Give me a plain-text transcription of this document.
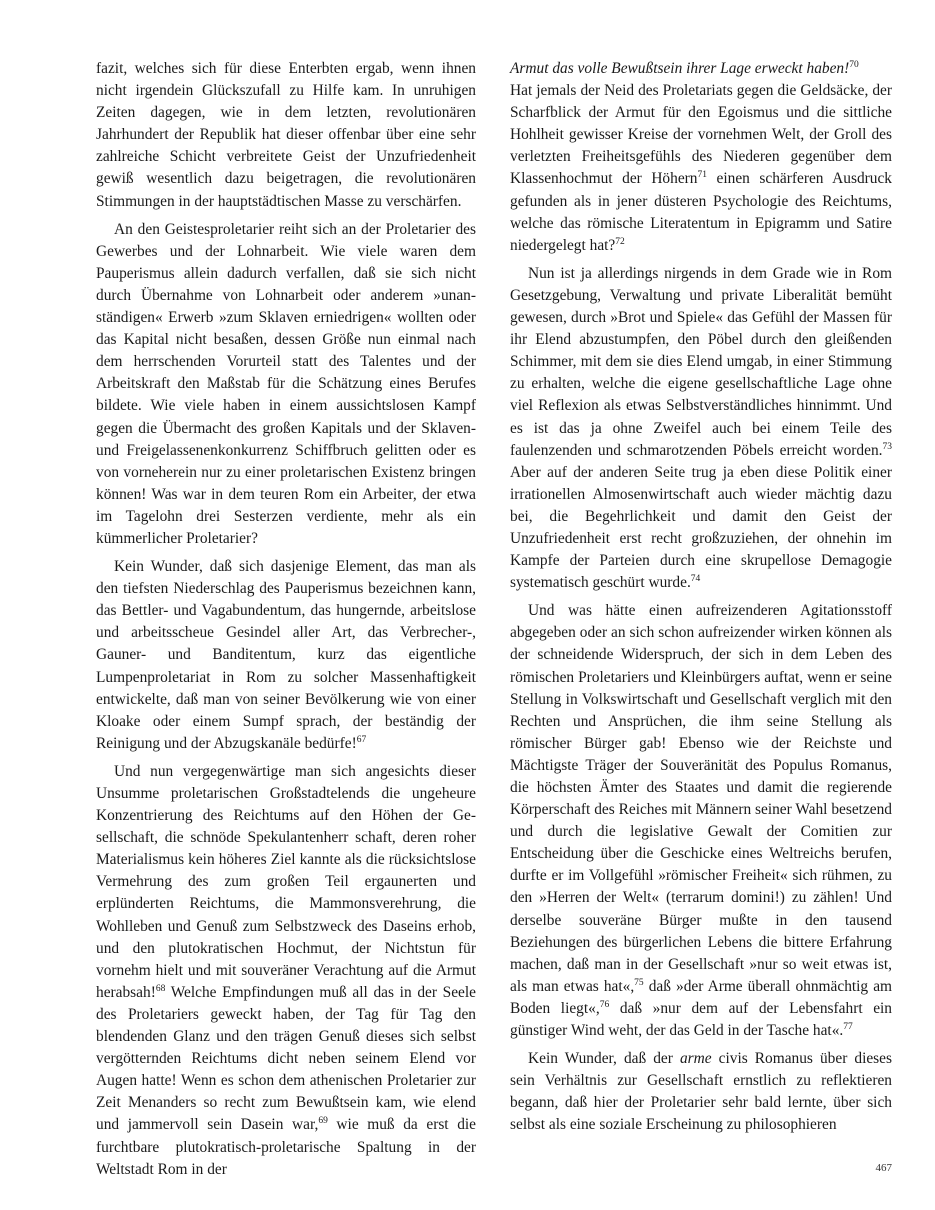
fazit, welches sich für diese Enterbten ergab, wenn ihnen nicht irgendein Glückszufall zu Hilfe kam. In unruhigen Zeiten dagegen, wie in dem letzten, revolutionären Jahrhundert der Republik hat dieser offenbar über eine sehr zahlreiche Schicht verbreitete Geist der Unzufriedenheit gewiß wesentlich dazu beigetragen, die revolutionären Stimmungen in der hauptstädtischen Masse zu verschärfen.

An den Geistesproletarier reiht sich an der Proletarier des Gewerbes und der Lohnarbeit. Wie viele waren dem Pauperismus allein dadurch verfallen, daß sie sich nicht durch Übernahme von Lohnarbeit oder anderem »unanständigen« Erwerb »zum Sklaven erniedrigen« wollten oder das Kapital nicht besaßen, dessen Größe nun einmal nach dem herrschenden Vorurteil statt des Talentes und der Arbeitskraft den Maßstab für die Schätzung eines Berufes bildete. Wie viele haben in einem aussichtslosen Kampf gegen die Übermacht des großen Kapitals und der Sklaven- und Freigelassenenkonkurrenz Schiffbruch gelitten oder es von vorneherein nur zu einer proletarischen Existenz bringen können! Was war in dem teuren Rom ein Arbeiter, der etwa im Tagelohn drei Sesterzen verdiente, mehr als ein kümmerlicher Proletarier?

Kein Wunder, daß sich dasjenige Element, das man als den tiefsten Niederschlag des Pauperismus bezeichnen kann, das Bettler- und Vagabundentum, das hungernde, arbeitslose und arbeitsscheue Gesindel aller Art, das Verbrecher-, Gauner- und Banditentum, kurz das eigentliche Lumpenproletariat in Rom zu solcher Massenhaftigkeit entwickelte, daß man von seiner Bevölkerung wie von einer Kloake oder einem Sumpf sprach, der beständig der Reinigung und der Abzugskanäle bedürfe!$^{67}$

Und nun vergegenwärtige man sich angesichts dieser Unsumme proletarischen Großstadtelends die ungeheure Konzentrierung des Reichtums auf den Höhen der Gesellschaft, die schnöde Spekulantenherr schaft, deren roher Materialismus kein höheres Ziel kannte als die rücksichtslose Vermehrung des zum großen Teil ergaunerten und erplünderten Reichtums, die Mammonsverehrung, die Wohlleben und Genuß zum Selbstzweck des Daseins erhob, und den plutokratischen Hochmut, der Nichtstun für vornehm hielt und mit souveräner Verachtung auf die Armut herabsah!$^{68}$ Welche Empfindungen muß all das in der Seele des Proletariers geweckt haben, der Tag für Tag den blendenden Glanz und den trägen Genuß dieses sich selbst vergötternden Reichtums dicht neben seinem Elend vor Augen hatte! Wenn es schon dem athenischen Proletarier zur Zeit Menanders so recht zum Bewußtsein kam, wie elend und jammervoll sein Dasein war,$^{69}$ wie muß da erst die furchtbare plutokratisch-proletarische Spaltung in der Weltstadt Rom in der

Armut das volle Bewußtsein ihrer Lage erweckt haben!$^{70}$
Hat jemals der Neid des Proletariats gegen die Geldsäcke, der Scharfblick der Armut für den Egoismus und die sittliche Hohlheit gewisser Kreise der vornehmen Welt, der Groll des verletzten Freiheitsgefühls des Niederen gegenüber dem Klassenhochmut der Höhern$^{71}$ einen schärferen Ausdruck gefunden als in jener düsteren Psychologie des Reichtums, welche das römische Literatentum in Epigramm und Satire niedergelegt hat?$^{72}$

Nun ist ja allerdings nirgends in dem Grade wie in Rom Gesetzgebung, Verwaltung und private Liberalität bemüht gewesen, durch »Brot und Spiele« das Gefühl der Massen für ihr Elend abzustumpfen, den Pöbel durch den gleißenden Schimmer, mit dem sie dies Elend umgab, in einer Stimmung zu erhalten, welche die eigene gesellschaftliche Lage ohne viel Reflexion als etwas Selbstverständliches hinnimmt. Und es ist das ja ohne Zweifel auch bei einem Teile des faulenzenden und schmarotzenden Pöbels erreicht worden.$^{73}$ Aber auf der anderen Seite trug ja eben diese Politik einer irrationellen Almosenwirtschaft auch wieder mächtig dazu bei, die Begehrlichkeit und damit den Geist der Unzufriedenheit erst recht großzuziehen, der ohnehin im Kampfe der Parteien durch eine skrupellose Demagogie systematisch geschürt wurde.$^{74}$

Und was hätte einen aufreizenderen Agitationsstoff abgegeben oder an sich schon aufreizender wirken können als der schneidende Widerspruch, der sich in dem Leben des römischen Proletariers und Kleinbürgers auftat, wenn er seine Stellung in Volkswirtschaft und Gesellschaft verglich mit den Rechten und Ansprüchen, die ihm seine Stellung als römischer Bürger gab! Ebenso wie der Reichste und Mächtigste Träger der Souveränität des Populus Romanus, die höchsten Ämter des Staates und damit die regierende Körperschaft des Reiches mit Männern seiner Wahl besetzend und durch die legislative Gewalt der Comitien zur Entscheidung über die Geschicke eines Weltreichs berufen, durfte er im Vollgefühl »römischer Freiheit« sich rühmen, zu den »Herren der Welt« (terrarum domini!) zu zählen! Und derselbe souveräne Bürger mußte in den tausend Beziehungen des bürgerlichen Lebens die bittere Erfahrung machen, daß man in der Gesellschaft »nur so weit etwas ist, als man etwas hat«,$^{75}$ daß »der Arme überall ohnmächtig am Boden liegt«,$^{76}$ daß »nur dem auf der Lebensfahrt ein günstiger Wind weht, der das Geld in der Tasche hat«.$^{77}$

Kein Wunder, daß der arme civis Romanus über dieses sein Verhältnis zur Gesellschaft ernstlich zu reflektieren begann, daß hier der Proletarier sehr bald lernte, über sich selbst als eine soziale Erscheinung zu philosophieren

467
